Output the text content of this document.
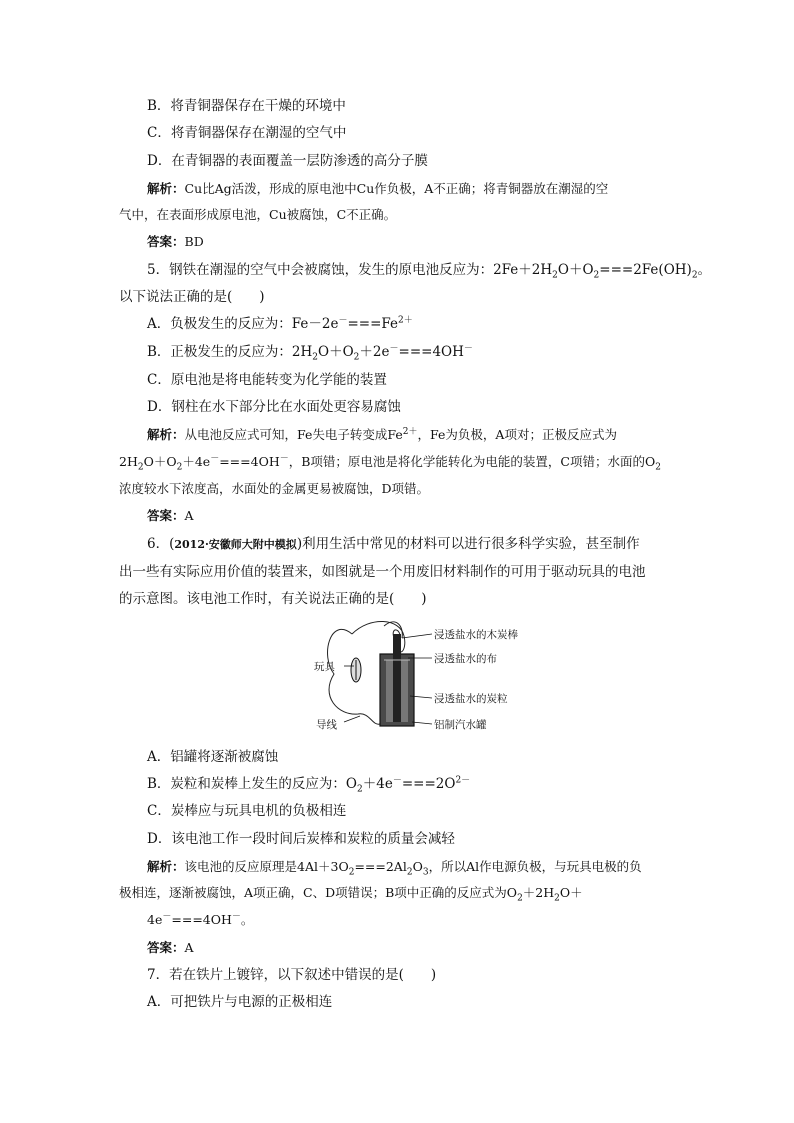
B．将青铜器保存在干燥的环境中
C．将青铜器保存在潮湿的空气中
D．在青铜器的表面覆盖一层防渗透的高分子膜
解析：Cu比Ag活泼，形成的原电池中Cu作负极，A不正确；将青铜器放在潮湿的空
气中，在表面形成原电池，Cu被腐蚀，C不正确。
答案：BD
5．钢铁在潮湿的空气中会被腐蚀，发生的原电池反应为：$2Fe+2H_2O+O_2===2Fe(OH)_2$。
以下说法正确的是(　　)
A．负极发生的反应为：$Fe-2e^-===Fe^{2+}$
B．正极发生的反应为：$2H_2O+O_2+2e^-===4OH^-$
C．原电池是将电能转变为化学能的装置
D．钢柱在水下部分比在水面处更容易腐蚀
解析：从电池反应式可知，Fe失电子转变成$Fe^{2+}$，Fe为负极，A项对；正极反应式为
$2H_2O+O_2+4e^-===4OH^-$，B项错；原电池是将化学能转化为电能的装置，C项错；水面的$O_2$
浓度较水下浓度高，水面处的金属更易被腐蚀，D项错。
答案：A
6．(2012·安徽师大附中模拟)利用生活中常见的材料可以进行很多科学实验，甚至制作
出一些有实际应用价值的装置来，如图就是一个用废旧材料制作的可用于驱动玩具的电池
的示意图。该电池工作时，有关说法正确的是(　　)
浸透盐水的木炭棒
浸透盐水的布
玩具
浸透盐水的炭粒
导线	铝制汽水罐
A．铝罐将逐渐被腐蚀
B．炭粒和炭棒上发生的反应为：$O_2+4e^-===2O^{2-}$
C．炭棒应与玩具电机的负极相连
D．该电池工作一段时间后炭棒和炭粒的质量会减轻
解析：该电池的反应原理是$4Al+3O_2===2Al_2O_3$，所以Al作电源负极，与玩具电极的负
极相连，逐渐被腐蚀，A项正确，C、D项错误；B项中正确的反应式为$O_2+2H_2O+$
4e－===4OH－。
答案：A
7．若在铁片上镀锌，以下叙述中错误的是(　　)
A．可把铁片与电源的正极相连
